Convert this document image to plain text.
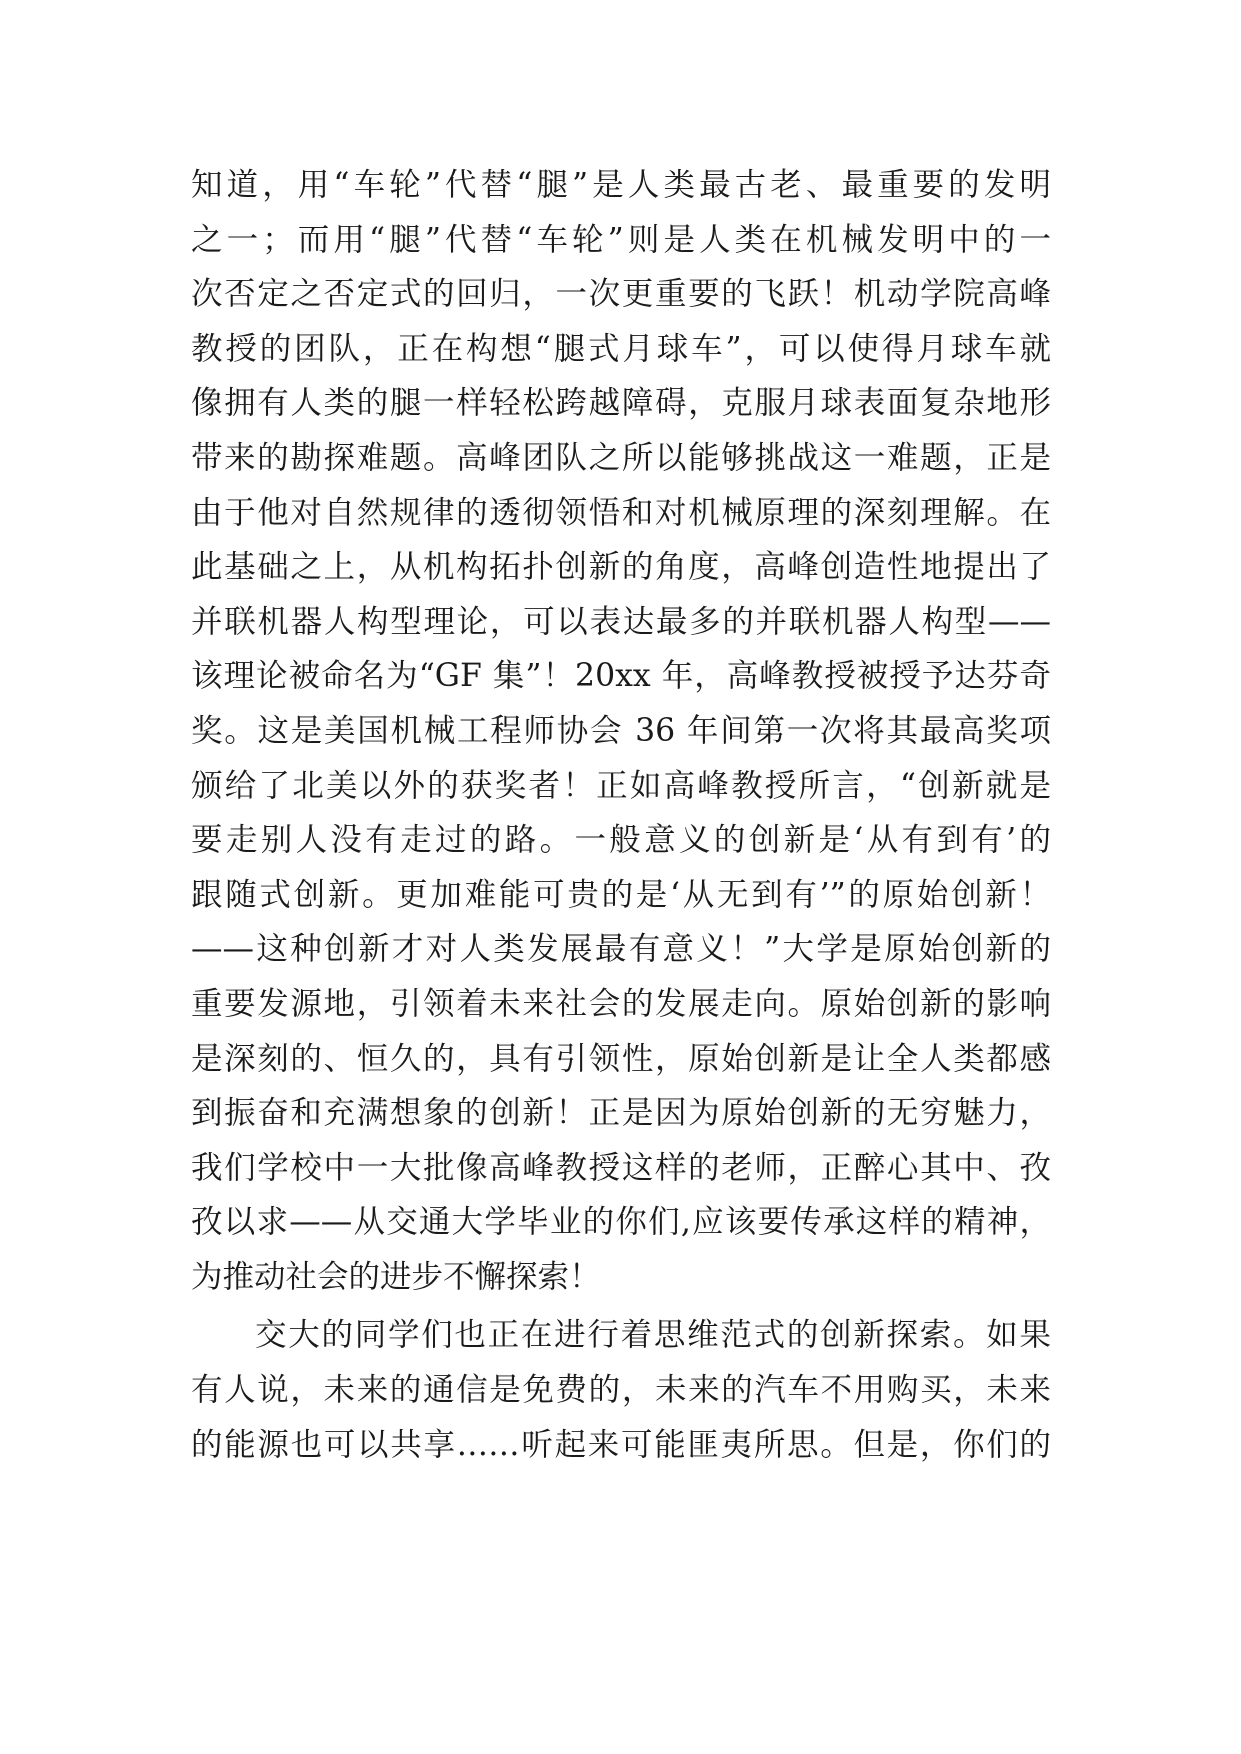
知道，用“车轮”代替“腿”是人类最古老、最重要的发明
之一；而用“腿”代替“车轮”则是人类在机械发明中的一
次否定之否定式的回归，一次更重要的飞跃！机动学院高峰
教授的团队，正在构想“腿式月球车”，可以使得月球车就
像拥有人类的腿一样轻松跨越障碍，克服月球表面复杂地形
带来的勘探难题。高峰团队之所以能够挑战这一难题，正是
由于他对自然规律的透彻领悟和对机械原理的深刻理解。在
此基础之上，从机构拓扑创新的角度，高峰创造性地提出了
并联机器人构型理论，可以表达最多的并联机器人构型——
该理论被命名为“GF 集”！20xx 年，高峰教授被授予达芬奇
奖。这是美国机械工程师协会 36 年间第一次将其最高奖项
颁给了北美以外的获奖者！正如高峰教授所言，“创新就是
要走别人没有走过的路。一般意义的创新是‘从有到有’的
跟随式创新。更加难能可贵的是‘从无到有’”的原始创新！
——这种创新才对人类发展最有意义！”大学是原始创新的
重要发源地，引领着未来社会的发展走向。原始创新的影响
是深刻的、恒久的，具有引领性，原始创新是让全人类都感
到振奋和充满想象的创新！正是因为原始创新的无穷魅力，
我们学校中一大批像高峰教授这样的老师，正醉心其中、孜
孜以求——从交通大学毕业的你们,应该要传承这样的精神，
为推动社会的进步不懈探索！
交大的同学们也正在进行着思维范式的创新探索。如果
有人说，未来的通信是免费的，未来的汽车不用购买，未来
的能源也可以共享……听起来可能匪夷所思。但是，你们的
